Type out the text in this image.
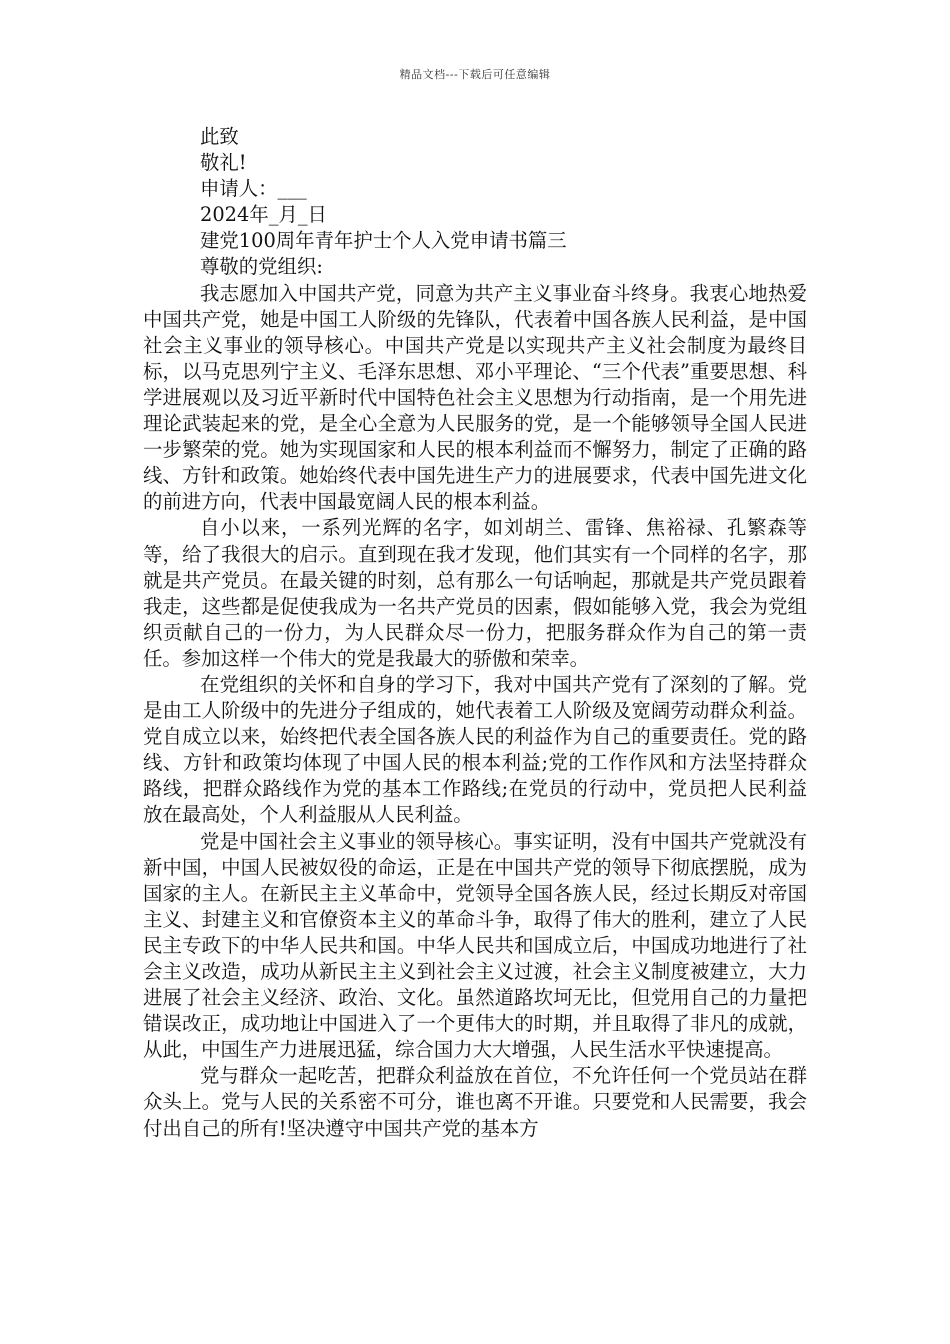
精品文档---下载后可任意编辑

此致

敬礼!

申请人：___

2024年_月_日

建党100周年青年护士个人入党申请书篇三

尊敬的党组织:

我志愿加入中国共产党，同意为共产主义事业奋斗终身。我衷心地热爱中国共产党，她是中国工人阶级的先锋队，代表着中国各族人民利益，是中国社会主义事业的领导核心。中国共产党是以实现共产主义社会制度为最终目标，以马克思列宁主义、毛泽东思想、邓小平理论、“三个代表”重要思想、科学进展观以及习近平新时代中国特色社会主义思想为行动指南，是一个用先进理论武装起来的党，是全心全意为人民服务的党，是一个能够领导全国人民进一步繁荣的党。她为实现国家和人民的根本利益而不懈努力，制定了正确的路线、方针和政策。她始终代表中国先进生产力的进展要求，代表中国先进文化的前进方向，代表中国最宽阔人民的根本利益。

自小以来，一系列光辉的名字，如刘胡兰、雷锋、焦裕禄、孔繁森等等，给了我很大的启示。直到现在我才发现，他们其实有一个同样的名字，那就是共产党员。在最关键的时刻，总有那么一句话响起，那就是共产党员跟着我走，这些都是促使我成为一名共产党员的因素，假如能够入党，我会为党组织贡献自己的一份力，为人民群众尽一份力，把服务群众作为自己的第一责任。参加这样一个伟大的党是我最大的骄傲和荣幸。

在党组织的关怀和自身的学习下，我对中国共产党有了深刻的了解。党是由工人阶级中的先进分子组成的，她代表着工人阶级及宽阔劳动群众利益。党自成立以来，始终把代表全国各族人民的利益作为自己的重要责任。党的路线、方针和政策均体现了中国人民的根本利益;党的工作作风和方法坚持群众路线，把群众路线作为党的基本工作路线;在党员的行动中，党员把人民利益放在最高处，个人利益服从人民利益。

党是中国社会主义事业的领导核心。事实证明，没有中国共产党就没有新中国，中国人民被奴役的命运，正是在中国共产党的领导下彻底摆脱，成为国家的主人。在新民主主义革命中，党领导全国各族人民，经过长期反对帝国主义、封建主义和官僚资本主义的革命斗争，取得了伟大的胜利，建立了人民民主专政下的中华人民共和国。中华人民共和国成立后，中国成功地进行了社会主义改造，成功从新民主主义到社会主义过渡，社会主义制度被建立，大力进展了社会主义经济、政治、文化。虽然道路坎坷无比，但党用自己的力量把错误改正，成功地让中国进入了一个更伟大的时期，并且取得了非凡的成就，从此，中国生产力进展迅猛，综合国力大大增强，人民生活水平快速提高。

党与群众一起吃苦，把群众利益放在首位，不允许任何一个党员站在群众头上。党与人民的关系密不可分，谁也离不开谁。只要党和人民需要，我会付出自己的所有!坚决遵守中国共产党的基本方
